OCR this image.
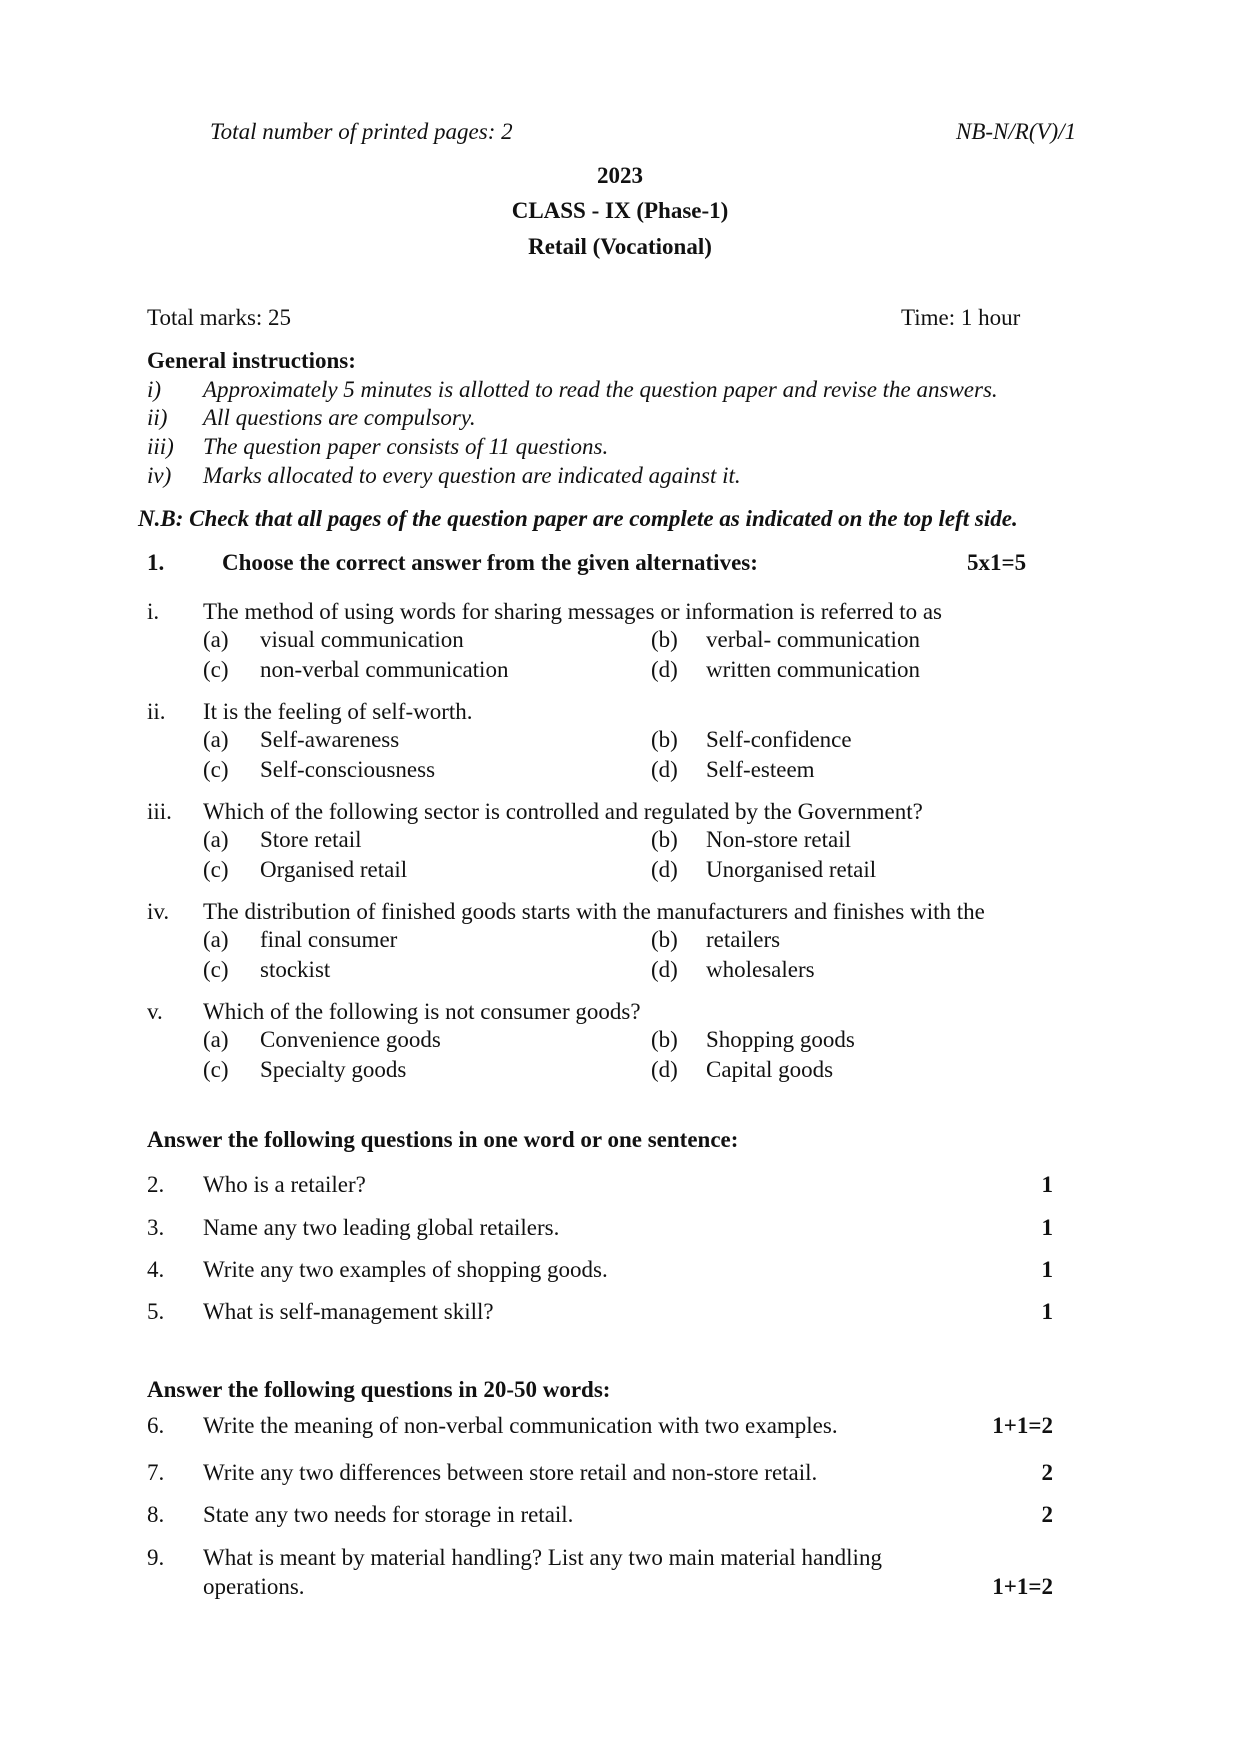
Total number of printed pages: 2	NB-N/R(V)/1
2023
CLASS - IX (Phase-1)
Retail (Vocational)
Total marks: 25	Time: 1 hour
General instructions:
i) Approximately 5 minutes is allotted to read the question paper and revise the answers.
ii) All questions are compulsory.
iii) The question paper consists of 11 questions.
iv) Marks allocated to every question are indicated against it.
N.B: Check that all pages of the question paper are complete as indicated on the top left side.
1.	Choose the correct answer from the given alternatives:	5x1=5
i. The method of using words for sharing messages or information is referred to as
(a) visual communication	(b) verbal- communication
(c) non-verbal communication	(d) written communication
ii. It is the feeling of self-worth.
(a) Self-awareness	(b) Self-confidence
(c) Self-consciousness	(d) Self-esteem
iii. Which of the following sector is controlled and regulated by the Government?
(a) Store retail	(b) Non-store retail
(c) Organised retail	(d) Unorganised retail
iv. The distribution of finished goods starts with the manufacturers and finishes with the
(a) final consumer	(b) retailers
(c) stockist	(d) wholesalers
v. Which of the following is not consumer goods?
(a) Convenience goods	(b) Shopping goods
(c) Specialty goods	(d) Capital goods
Answer the following questions in one word or one sentence:
2. Who is a retailer?	1
3. Name any two leading global retailers.	1
4. Write any two examples of shopping goods.	1
5. What is self-management skill?	1
Answer the following questions in 20-50 words:
6. Write the meaning of non-verbal communication with two examples.	1+1=2
7. Write any two differences between store retail and non-store retail.	2
8. State any two needs for storage in retail.	2
9. What is meant by material handling? List any two main material handling
operations.	1+1=2
